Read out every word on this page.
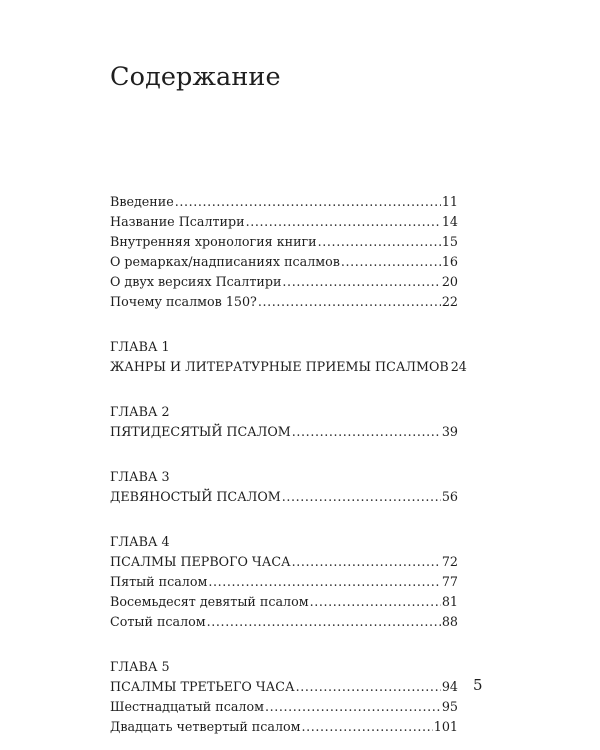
Содержание
Введение .....	11
Название Псалтири .....	14
Внутренняя хронология книги .....	15
О ремарках/надписаниях псалмов .....	16
О двух версиях Псалтири .....	20
Почему псалмов 150? .....	22
ГЛАВА 1
ЖАНРЫ И ЛИТЕРАТУРНЫЕ ПРИЕМЫ ПСАЛМОВ 24
ГЛАВА 2
ПЯТИДЕСЯТЫЙ ПСАЛОМ .....	39
ГЛАВА 3
ДЕВЯНОСТЫЙ ПСАЛОМ .....	56
ГЛАВА 4
ПСАЛМЫ ПЕРВОГО ЧАСА .....	72
Пятый псалом .....	77
Восемьдесят девятый псалом .....	81
Сотый псалом .....	88
ГЛАВА 5
ПСАЛМЫ ТРЕТЬЕГО ЧАСА .....	94
Шестнадцатый псалом .....	95
Двадцать четвертый псалом .....	101
5
